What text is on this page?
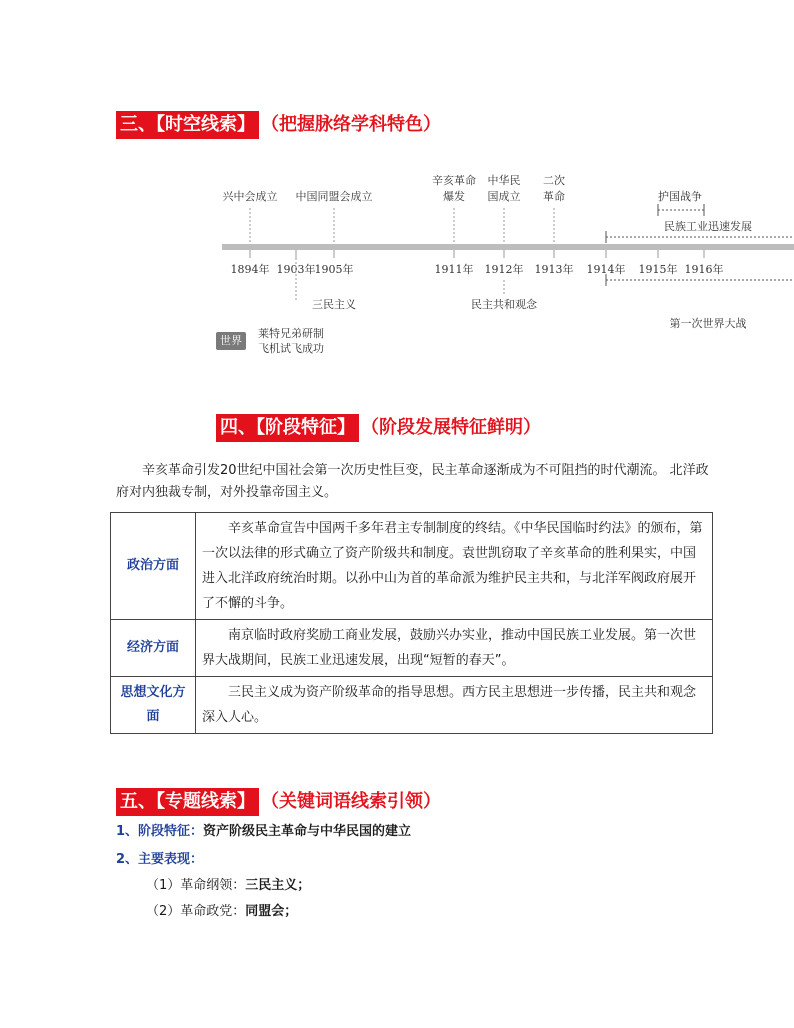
三、【时空线索】 （把握脉络学科特色）
兴中会成立 中国同盟会成立
辛亥革命
爆发
中华民
国成立
二次
革命	护国战争
民族工业迅速发展
1894年 1903年 1905年	1911年 1912年 1913年 1914年 1915年 1916年
三民主义	民主共和观念
第一次世界大战
世界
莱特兄弟研制
飞机试飞成功
四、【阶段特征】 （阶段发展特征鲜明）
辛亥革命引发20世纪中国社会第一次历史性巨变，民主革命逐渐成为不可阻挡的时代潮流。 北洋政府对内独裁专制，对外投靠帝国主义。
政治方面	辛亥革命宣告中国两千多年君主专制制度的终结。《中华民国临时约法》的颁布，第一次以法律的形式确立了资产阶级共和制度。袁世凯窃取了辛亥革命的胜利果实，中国进入北洋政府统治时期。以孙中山为首的革命派为维护民主共和，与北洋军阀政府展开了不懈的斗争。
经济方面	南京临时政府奖励工商业发展，鼓励兴办实业，推动中国民族工业发展。第一次世界大战期间，民族工业迅速发展，出现“短暂的春天”。
思想文化方面	三民主义成为资产阶级革命的指导思想。西方民主思想进一步传播，民主共和观念深入人心。
五、【专题线索】 （关键词语线索引领）
1、阶段特征：资产阶级民主革命与中华民国的建立
2、主要表现：
（1）革命纲领：三民主义；
（2）革命政党：同盟会；
